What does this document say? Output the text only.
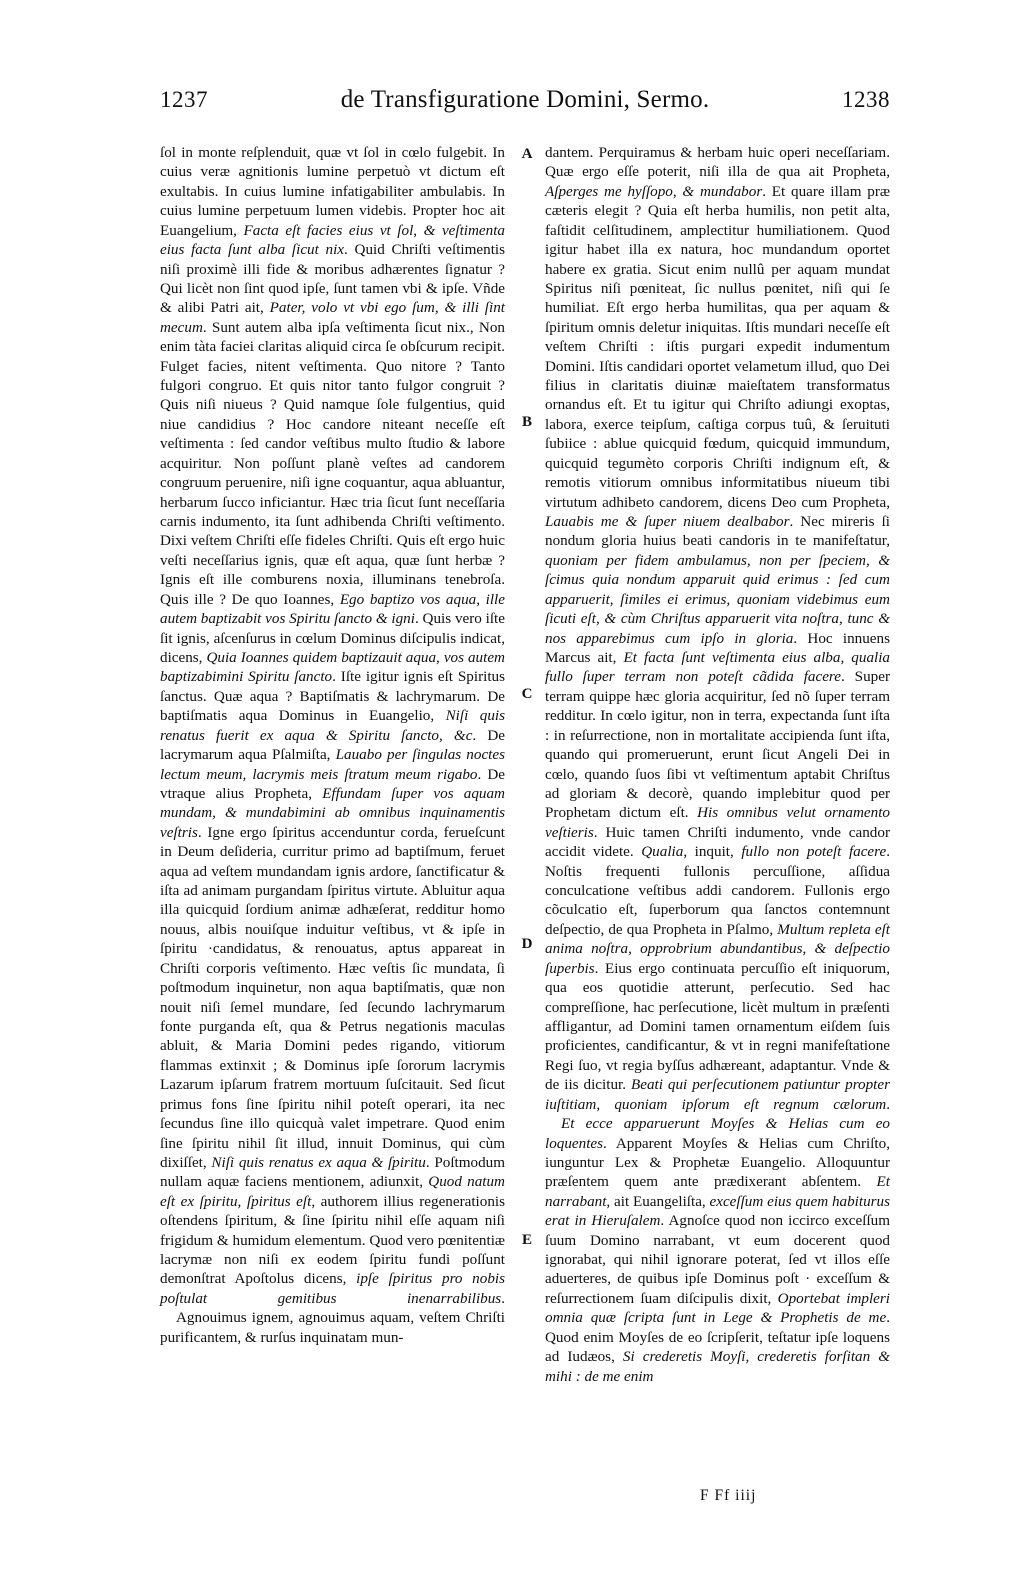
1237	de Transfiguratione Domini, Sermo.	1238

ſol in monte reſplenduit, quæ vt ſol in cœlo fulgebit. In cuius veræ agnitionis lumine perpetuò vt dictum eſt exultabis. In cuius lumine infatigabiliter ambulabis. In cuius lumine perpetuum lumen videbis. Propter hoc ait Euangelium, Facta eſt facies eius vt ſol, & veſtimenta eius facta ſunt alba ſicut nix. Quid Chriſti veſtimentis niſi proximè illi fide & moribus adhærentes ſignatur ? Qui licèt non ſint quod ipſe, ſunt tamen vbi & ipſe. Vñde & alibi Patri ait, Pater, volo vt vbi ego ſum, & illi ſint mecum. Sunt autem alba ipſa veſtimenta ſicut nix., Non enim tàta faciei claritas aliquid circa ſe obſcurum recipit. Fulget facies, nitent veſtimenta. Quo nitore ? Tanto fulgori congruo. Et quis nitor tanto fulgor congruit ? Quis niſi niueus ? Quid namque ſole fulgentius, quid niue candidius ? Hoc candore niteant neceſſe eſt veſtimenta : ſed candor veſtibus multo ſtudio & labore acquiritur. Non poſſunt planè veſtes ad candorem congruum peruenire, niſi igne coquantur, aqua abluantur, herbarum ſucco inficiantur. Hæc tria ſicut ſunt neceſſaria carnis indumento, ita ſunt adhibenda Chriſti veſtimento. Dixi veſtem Chriſti eſſe fideles Chriſti. Quis eſt ergo huic veſti neceſſarius ignis, quæ eſt aqua, quæ ſunt herbæ ? Ignis eſt ille comburens noxia, illuminans tenebroſa. Quis ille ? De quo Ioannes, Ego baptizo vos aqua, ille autem baptizabit vos Spiritu ſancto & igni. Quis vero iſte ſit ignis, aſcenſurus in cœlum Dominus diſcipulis indicat, dicens, Quia Ioannes quidem baptizauit aqua, vos autem baptizabimini Spiritu ſancto. Iſte igitur ignis eſt Spiritus ſanctus. Quæ aqua ? Baptiſmatis & lachrymarum. De baptiſmatis aqua Dominus in Euangelio, Niſi quis renatus fuerit ex aqua & Spiritu ſancto, &c. De lacrymarum aqua Pſalmiſta, Lauabo per ſingulas noctes lectum meum, lacrymis meis ſtratum meum rigabo. De vtraque alius Propheta, Effundam ſuper vos aquam mundam, & mundabimini ab omnibus inquinamentis veſtris. Igne ergo ſpiritus accenduntur corda, ferueſcunt in Deum deſideria, curritur primo ad baptiſmum, feruet aqua ad veſtem mundandam ignis ardore, ſanctificatur & iſta ad animam purgandam ſpiritus virtute. Abluitur aqua illa quicquid ſordium animæ adhæſerat, redditur homo nouus, albis nouiſque induitur veſtibus, vt & ipſe in ſpiritu ·candidatus, & renouatus, aptus appareat in Chriſti corporis veſtimento. Hæc veſtis ſic mundata, ſi poſtmodum inquinetur, non aqua baptiſmatis, quæ non nouit niſi ſemel mundare, ſed ſecundo lachrymarum fonte purganda eſt, qua & Petrus negationis maculas abluit, & Maria Domini pedes rigando, vitiorum flammas extinxit ; & Dominus ipſe ſororum lacrymis Lazarum ipſarum fratrem mortuum ſuſcitauit. Sed ſicut primus fons ſine ſpiritu nihil poteſt operari, ita nec ſecundus ſine illo quicquà valet impetrare. Quod enim ſine ſpiritu nihil ſit illud, innuit Dominus, qui cùm dixiſſet, Niſi quis renatus ex aqua & ſpiritu. Poſtmodum nullam aquæ faciens mentionem, adiunxit, Quod natum eſt ex ſpiritu, ſpiritus eſt, authorem illius regenerationis oſtendens ſpiritum, & ſine ſpiritu nihil eſſe aquam niſi frigidum & humidum elementum. Quod vero pœnitentiæ lacrymæ non niſi ex eodem ſpiritu fundi poſſunt demonſtrat Apoſtolus dicens, ipſe ſpiritus pro nobis poſtulat gemitibus inenarrabilibus.

Agnouimus ignem, agnouimus aquam, veſtem Chriſti purificantem, & rurſus inquinatam mun-

dantem. Perquiramus & herbam huic operi neceſſariam. Quæ ergo eſſe poterit, niſi illa de qua ait Propheta, Aſperges me hyſſopo, & mundabor. Et quare illam præ cæteris elegit ? Quia eſt herba humilis, non petit alta, faſtidit celſitudinem, amplectitur humiliationem. Quod igitur habet illa ex natura, hoc mundandum oportet habere ex gratia. Sicut enim nullû per aquam mundat Spiritus niſi pœniteat, ſic nullus pœnitet, niſi qui ſe humiliat. Eſt ergo herba humilitas, qua per aquam & ſpiritum omnis deletur iniquitas. Iſtis mundari neceſſe eſt veſtem Chriſti : iſtis purgari expedit indumentum Domini. Iſtis candidari oportet velametum illud, quo Dei filius in claritatis diuinæ maieſtatem transformatus ornandus eſt. Et tu igitur qui Chriſto adiungi exoptas, labora, exerce teipſum, caſtiga corpus tuû, & ſeruituti ſubiice : ablue quicquid fœdum, quicquid immundum, quicquid tegumèto corporis Chriſti indignum eſt, & remotis vitiorum omnibus informitatibus niueum tibi virtutum adhibeto candorem, dicens Deo cum Propheta, Lauabis me & ſuper niuem dealbabor. Nec mireris ſi nondum gloria huius beati candoris in te manifeſtatur, quoniam per fidem ambulamus, non per ſpeciem, & ſcimus quia nondum apparuit quid erimus : ſed cum apparuerit, ſimiles ei erimus, quoniam videbimus eum ſicuti eſt, & cùm Chriſtus apparuerit vita noſtra, tunc & nos apparebimus cum ipſo in gloria. Hoc innuens Marcus ait, Et facta ſunt veſtimenta eius alba, qualia fullo ſuper terram non poteſt cãdida facere. Super terram quippe hæc gloria acquiritur, ſed nõ ſuper terram redditur. In cœlo igitur, non in terra, expectanda ſunt iſta : in reſurrectione, non in mortalitate accipienda ſunt iſta, quando qui promeruerunt, erunt ſicut Angeli Dei in cœlo, quando ſuos ſibi vt veſtimentum aptabit Chriſtus ad gloriam & decorè, quando implebitur quod per Prophetam dictum eſt. His omnibus velut ornamento veſtieris. Huic tamen Chriſti indumento, vnde candor accidit videte. Qualia, inquit, fullo non poteſt facere. Noſtis frequenti fullonis percuſſione, aſſidua conculcatione veſtibus addi candorem. Fullonis ergo cõculcatio eſt, ſuperborum qua ſanctos contemnunt deſpectio, de qua Propheta in Pſalmo, Multum repleta eſt anima noſtra, opprobrium abundantibus, & deſpectio ſuperbis. Eius ergo continuata percuſſio eſt iniquorum, qua eos quotidie atterunt, perſecutio. Sed hac compreſſione, hac perſecutione, licèt multum in præſenti affligantur, ad Domini tamen ornamentum eiſdem ſuis proficientes, candificantur, & vt in regni manifeſtatione Regi ſuo, vt regia byſſus adhæreant, adaptantur. Vnde & de iis dicitur. Beati qui perſecutionem patiuntur propter iuſtitiam, quoniam ipſorum eſt regnum cælorum.

Et ecce apparuerunt Moyſes & Helias cum eo loquentes. Apparent Moyſes & Helias cum Chriſto, iunguntur Lex & Prophetæ Euangelio. Alloquuntur præſentem quem ante prædixerant abſentem. Et narrabant, ait Euangeliſta, exceſſum eius quem habiturus erat in Hieruſalem. Agnoſce quod non iccirco exceſſum ſuum Domino narrabant, vt eum docerent quod ignorabat, qui nihil ignorare poterat, ſed vt illos eſſe aduerteres, de quibus ipſe Dominus poſt · exceſſum & reſurrectionem ſuam diſcipulis dixit, Oportebat impleri omnia quæ ſcripta ſunt in Lege & Prophetis de me. Quod enim Moyſes de eo ſcripſerit, teſtatur ipſe loquens ad Iudæos, Si crederetis Moyſi, crederetis forſitan & mihi : de me enim

A
B
C
D
E
F Ff iiij
